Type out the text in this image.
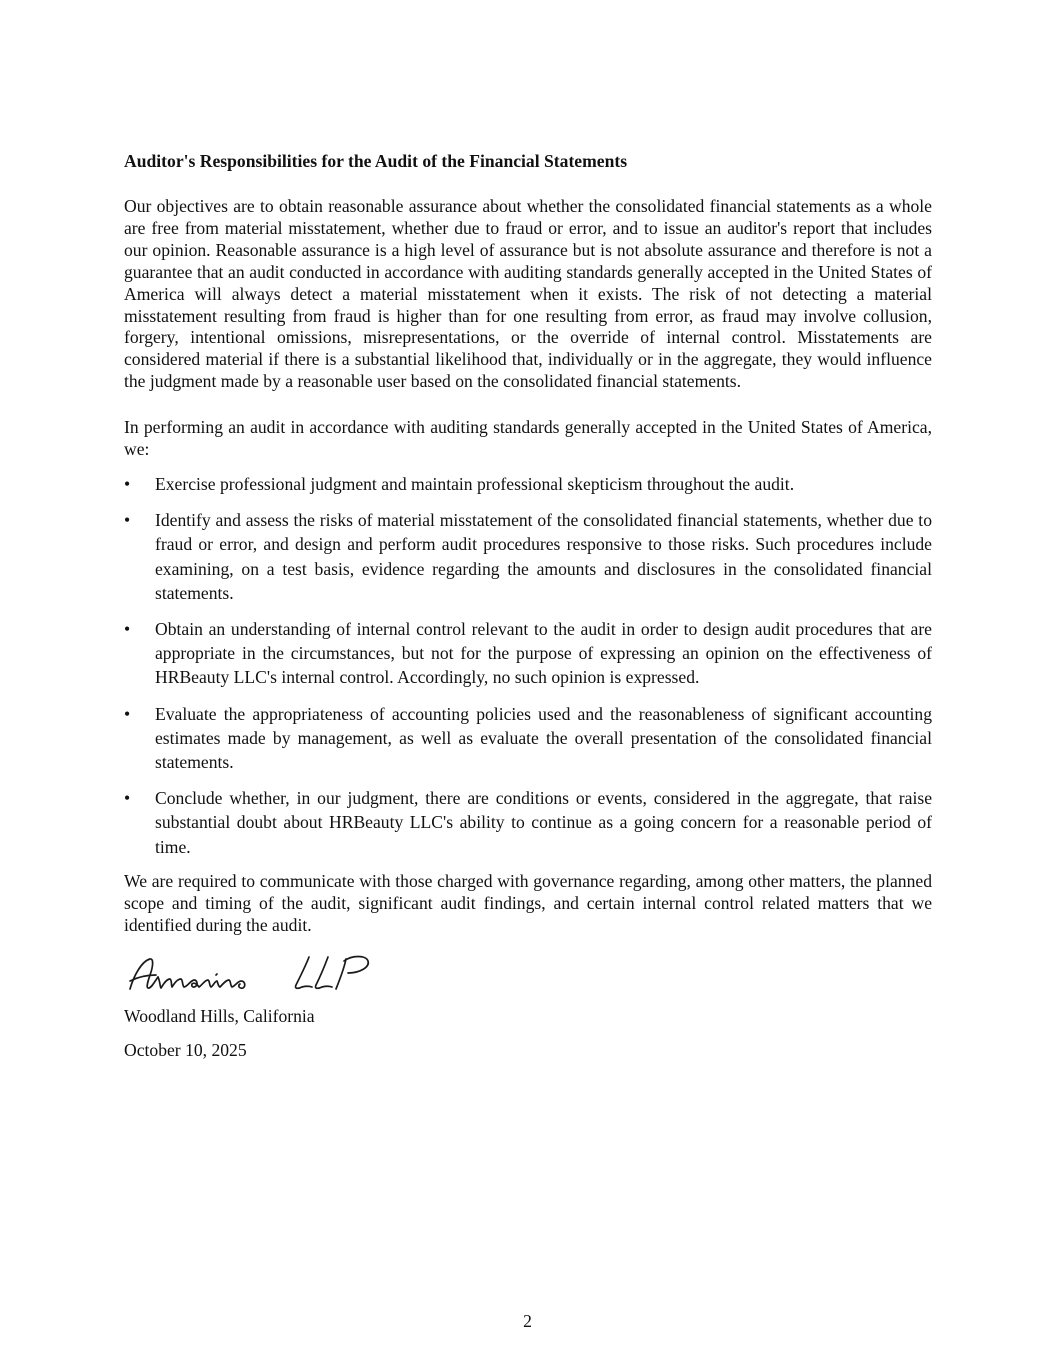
Auditor's Responsibilities for the Audit of the Financial Statements

Our objectives are to obtain reasonable assurance about whether the consolidated financial statements as a whole are free from material misstatement, whether due to fraud or error, and to issue an auditor's report that includes our opinion. Reasonable assurance is a high level of assurance but is not absolute assurance and therefore is not a guarantee that an audit conducted in accordance with auditing standards generally accepted in the United States of America will always detect a material misstatement when it exists. The risk of not detecting a material misstatement resulting from fraud is higher than for one resulting from error, as fraud may involve collusion, forgery, intentional omissions, misrepresentations, or the override of internal control. Misstatements are considered material if there is a substantial likelihood that, individually or in the aggregate, they would influence the judgment made by a reasonable user based on the consolidated financial statements.

In performing an audit in accordance with auditing standards generally accepted in the United States of America, we:

• Exercise professional judgment and maintain professional skepticism throughout the audit.
• Identify and assess the risks of material misstatement of the consolidated financial statements, whether due to fraud or error, and design and perform audit procedures responsive to those risks. Such procedures include examining, on a test basis, evidence regarding the amounts and disclosures in the consolidated financial statements.
• Obtain an understanding of internal control relevant to the audit in order to design audit procedures that are appropriate in the circumstances, but not for the purpose of expressing an opinion on the effectiveness of HRBeauty LLC's internal control. Accordingly, no such opinion is expressed.
• Evaluate the appropriateness of accounting policies used and the reasonableness of significant accounting estimates made by management, as well as evaluate the overall presentation of the consolidated financial statements.
• Conclude whether, in our judgment, there are conditions or events, considered in the aggregate, that raise substantial doubt about HRBeauty LLC's ability to continue as a going concern for a reasonable period of time.

We are required to communicate with those charged with governance regarding, among other matters, the planned scope and timing of the audit, significant audit findings, and certain internal control related matters that we identified during the audit.

Woodland Hills, California
October 10, 2025
2
